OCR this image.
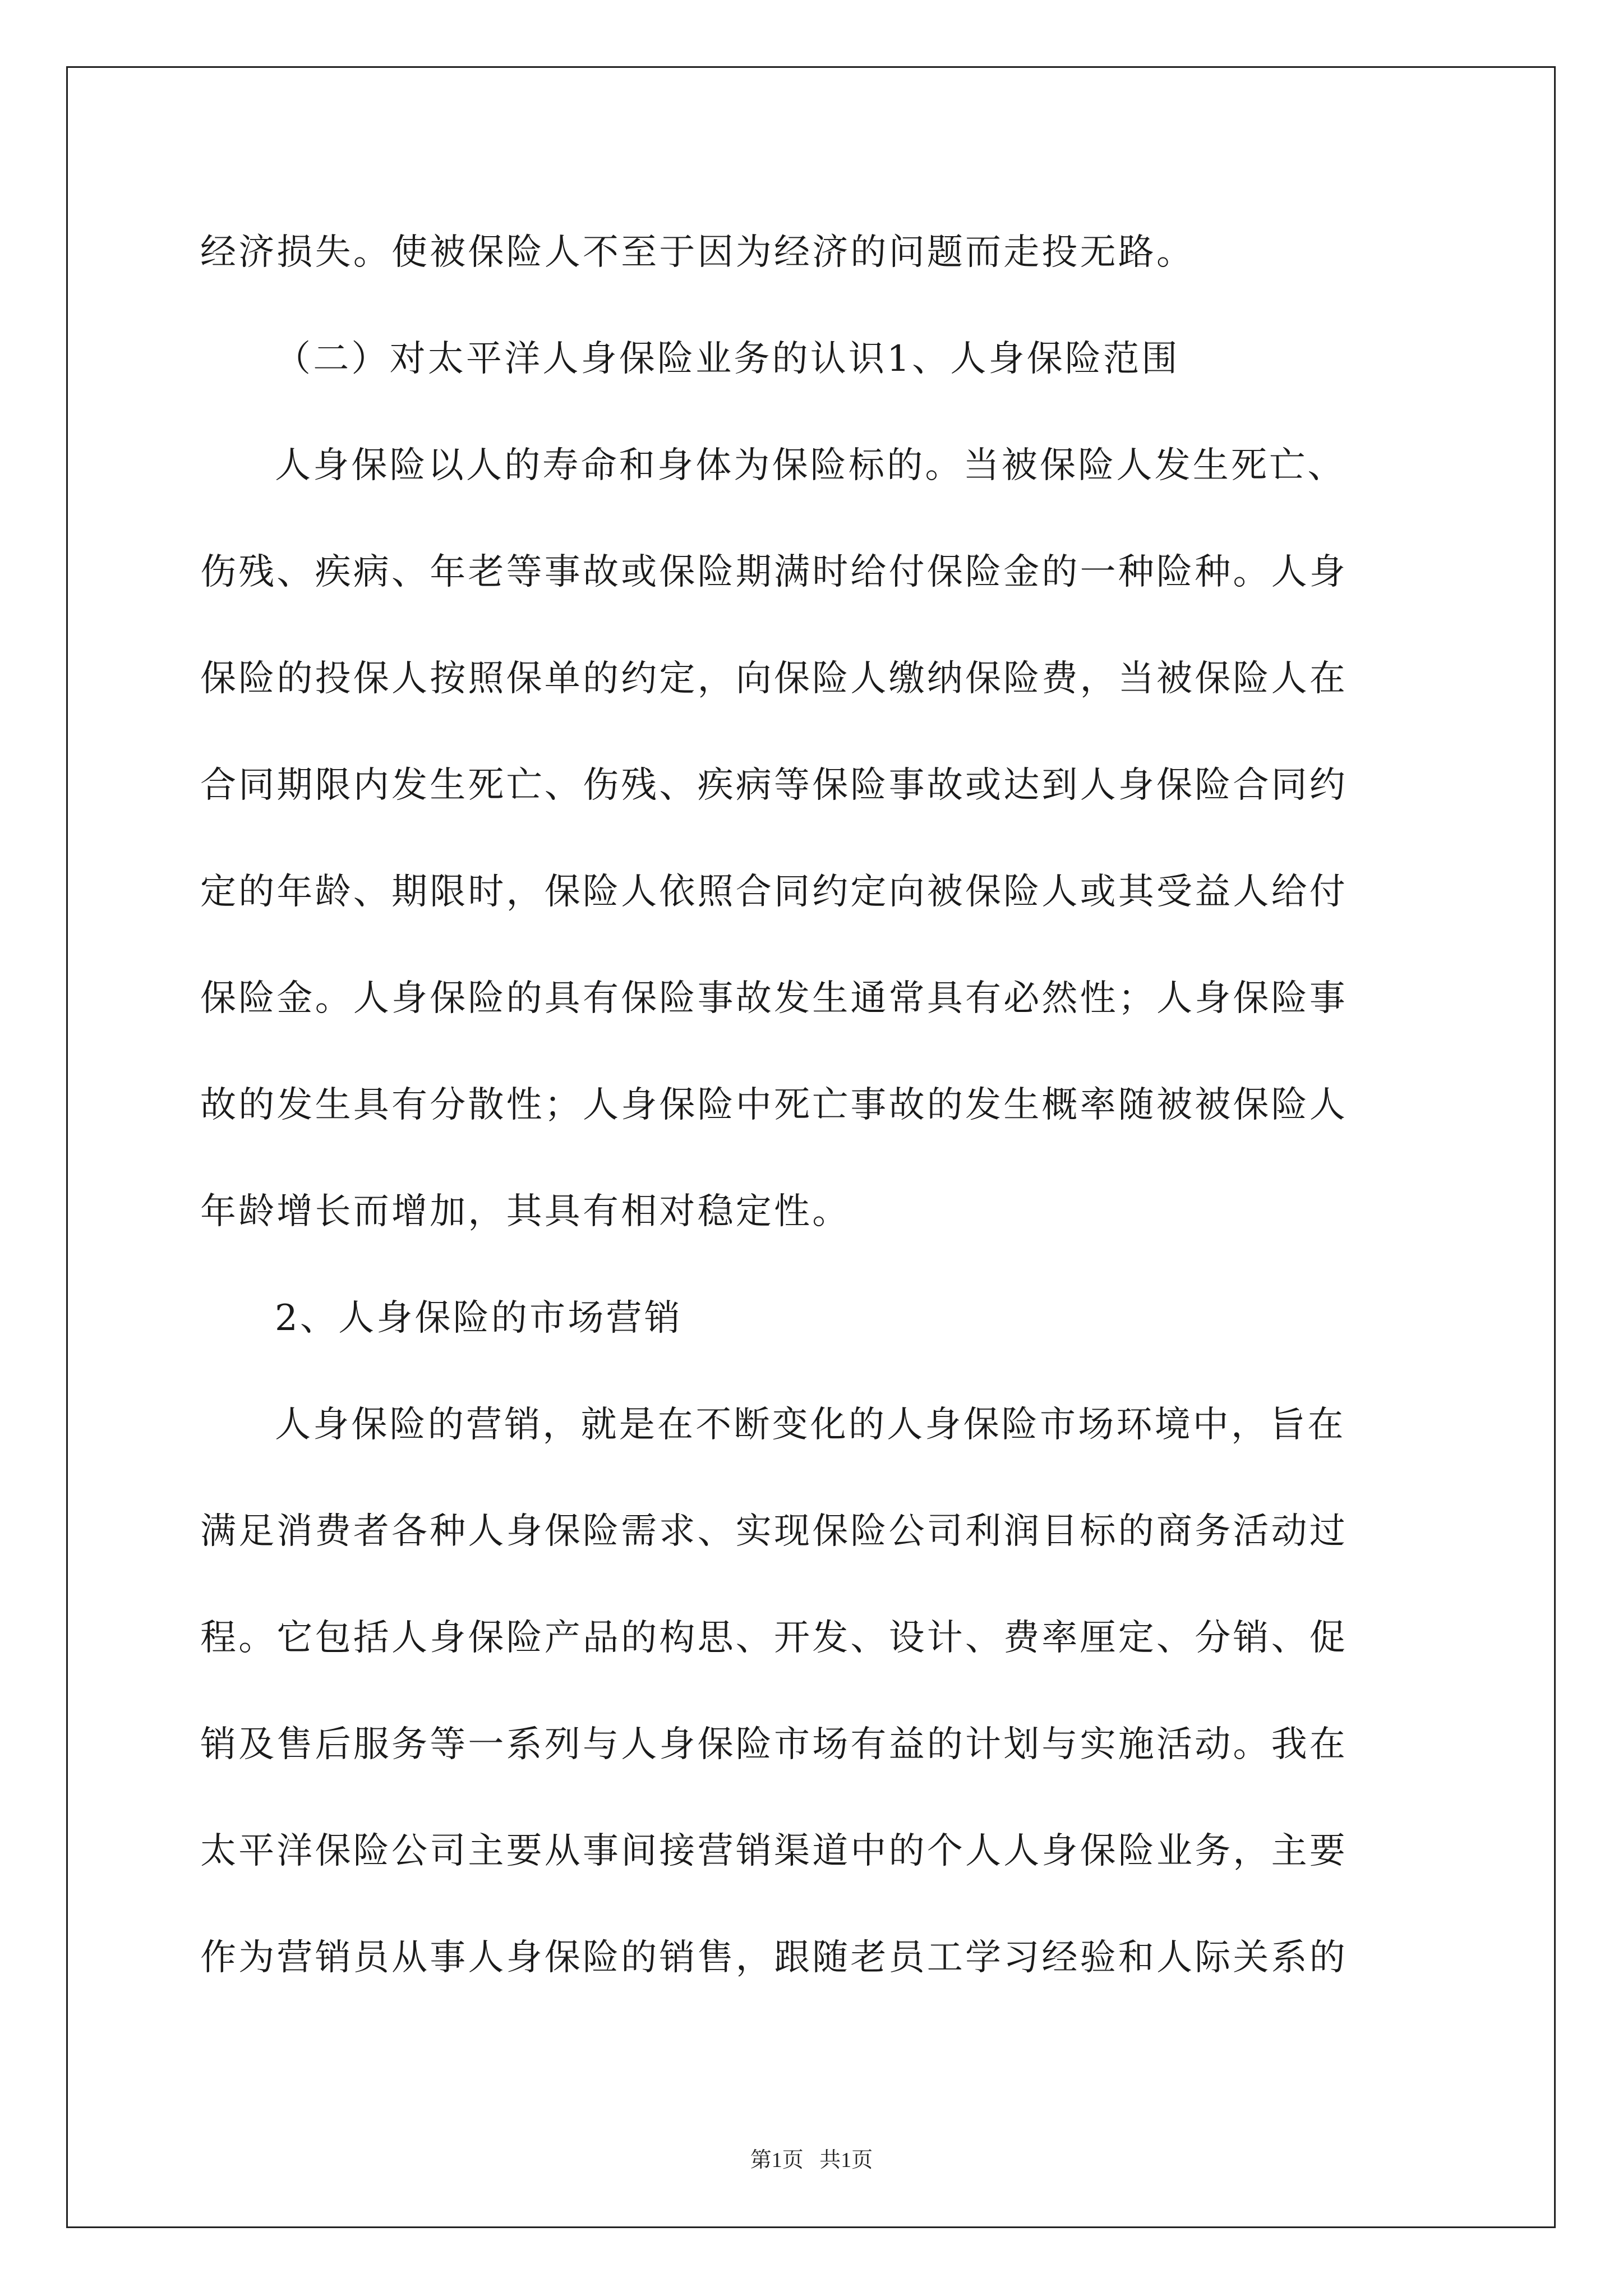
经济损失。使被保险人不至于因为经济的问题而走投无路。
（二）对太平洋人身保险业务的认识1、人身保险范围
人身保险以人的寿命和身体为保险标的。当被保险人发生死亡、
伤残、疾病、年老等事故或保险期满时给付保险金的一种险种。人身
保险的投保人按照保单的约定，向保险人缴纳保险费，当被保险人在
合同期限内发生死亡、伤残、疾病等保险事故或达到人身保险合同约
定的年龄、期限时，保险人依照合同约定向被保险人或其受益人给付
保险金。人身保险的具有保险事故发生通常具有必然性；人身保险事
故的发生具有分散性；人身保险中死亡事故的发生概率随被被保险人
年龄增长而增加，其具有相对稳定性。
2、人身保险的市场营销
人身保险的营销，就是在不断变化的人身保险市场环境中，旨在
满足消费者各种人身保险需求、实现保险公司利润目标的商务活动过
程。它包括人身保险产品的构思、开发、设计、费率厘定、分销、促
销及售后服务等一系列与人身保险市场有益的计划与实施活动。我在
太平洋保险公司主要从事间接营销渠道中的个人人身保险业务，主要
作为营销员从事人身保险的销售，跟随老员工学习经验和人际关系的
第1页   共1页
